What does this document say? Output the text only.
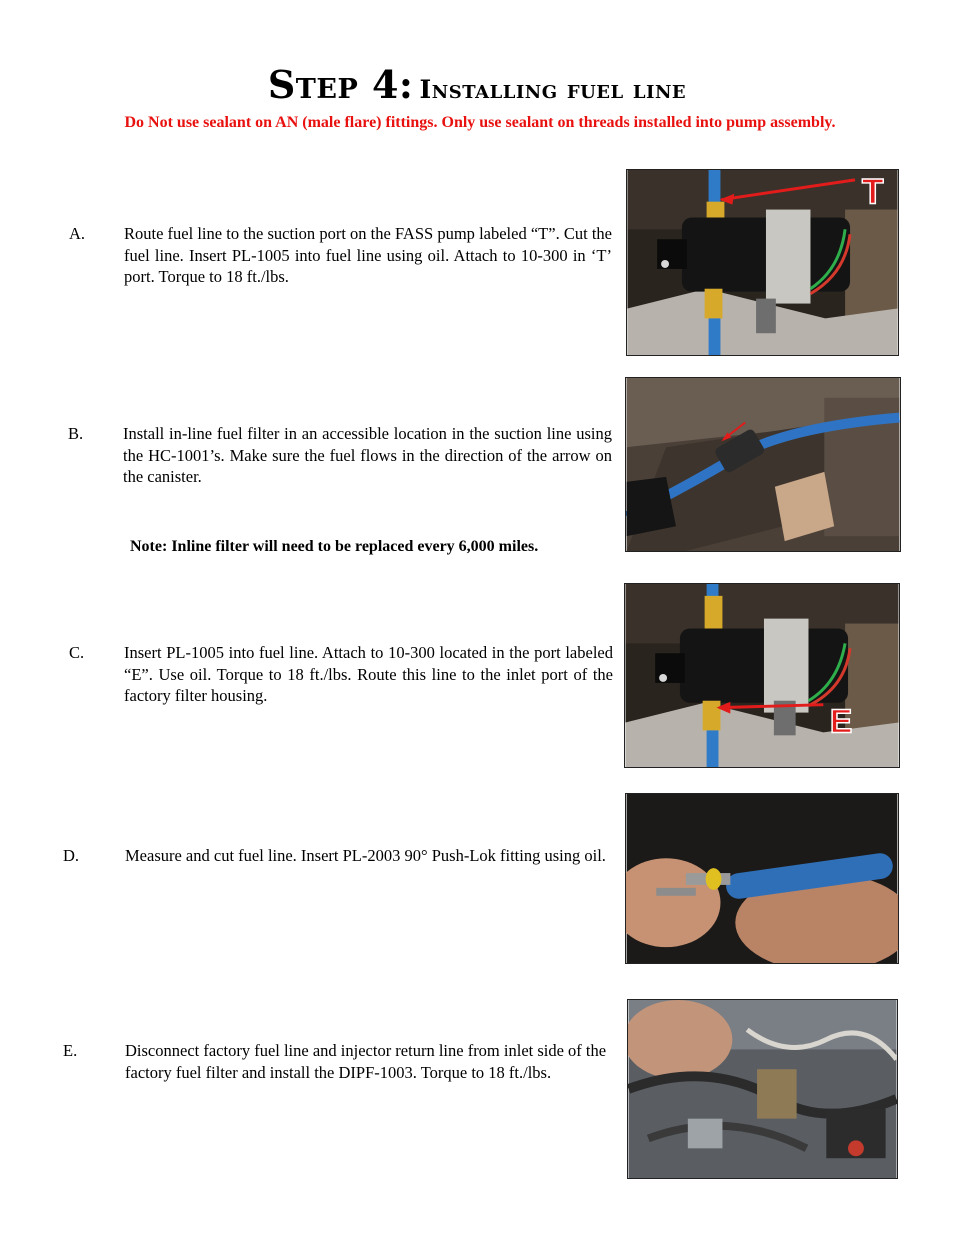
Step 4: Installing fuel line
Do Not use sealant on AN (male flare) fittings. Only use sealant on threads installed into pump assembly.
A. Route fuel line to the suction port on the FASS pump labeled “T”. Cut the fuel line. Insert PL-1005 into fuel line using oil. Attach to 10-300 in ‘T’ port. Torque to 18 ft./lbs.
B. Install in-line fuel filter in an accessible location in the suction line using the HC-1001’s. Make sure the fuel flows in the direction of the arrow on the canister.
Note: Inline filter will need to be replaced every 6,000 miles.
C. Insert PL-1005 into fuel line. Attach to 10-300 located in the port labeled “E”. Use oil. Torque to 18 ft./lbs. Route this line to the inlet port of the factory filter housing.
D.	Measure and cut fuel line. Insert PL-2003 90° Push-Lok fitting using oil.
E.	Disconnect factory fuel line and injector return line from inlet side of the factory fuel filter and install the DIPF-1003. Torque to 18 ft./lbs.
T
E
